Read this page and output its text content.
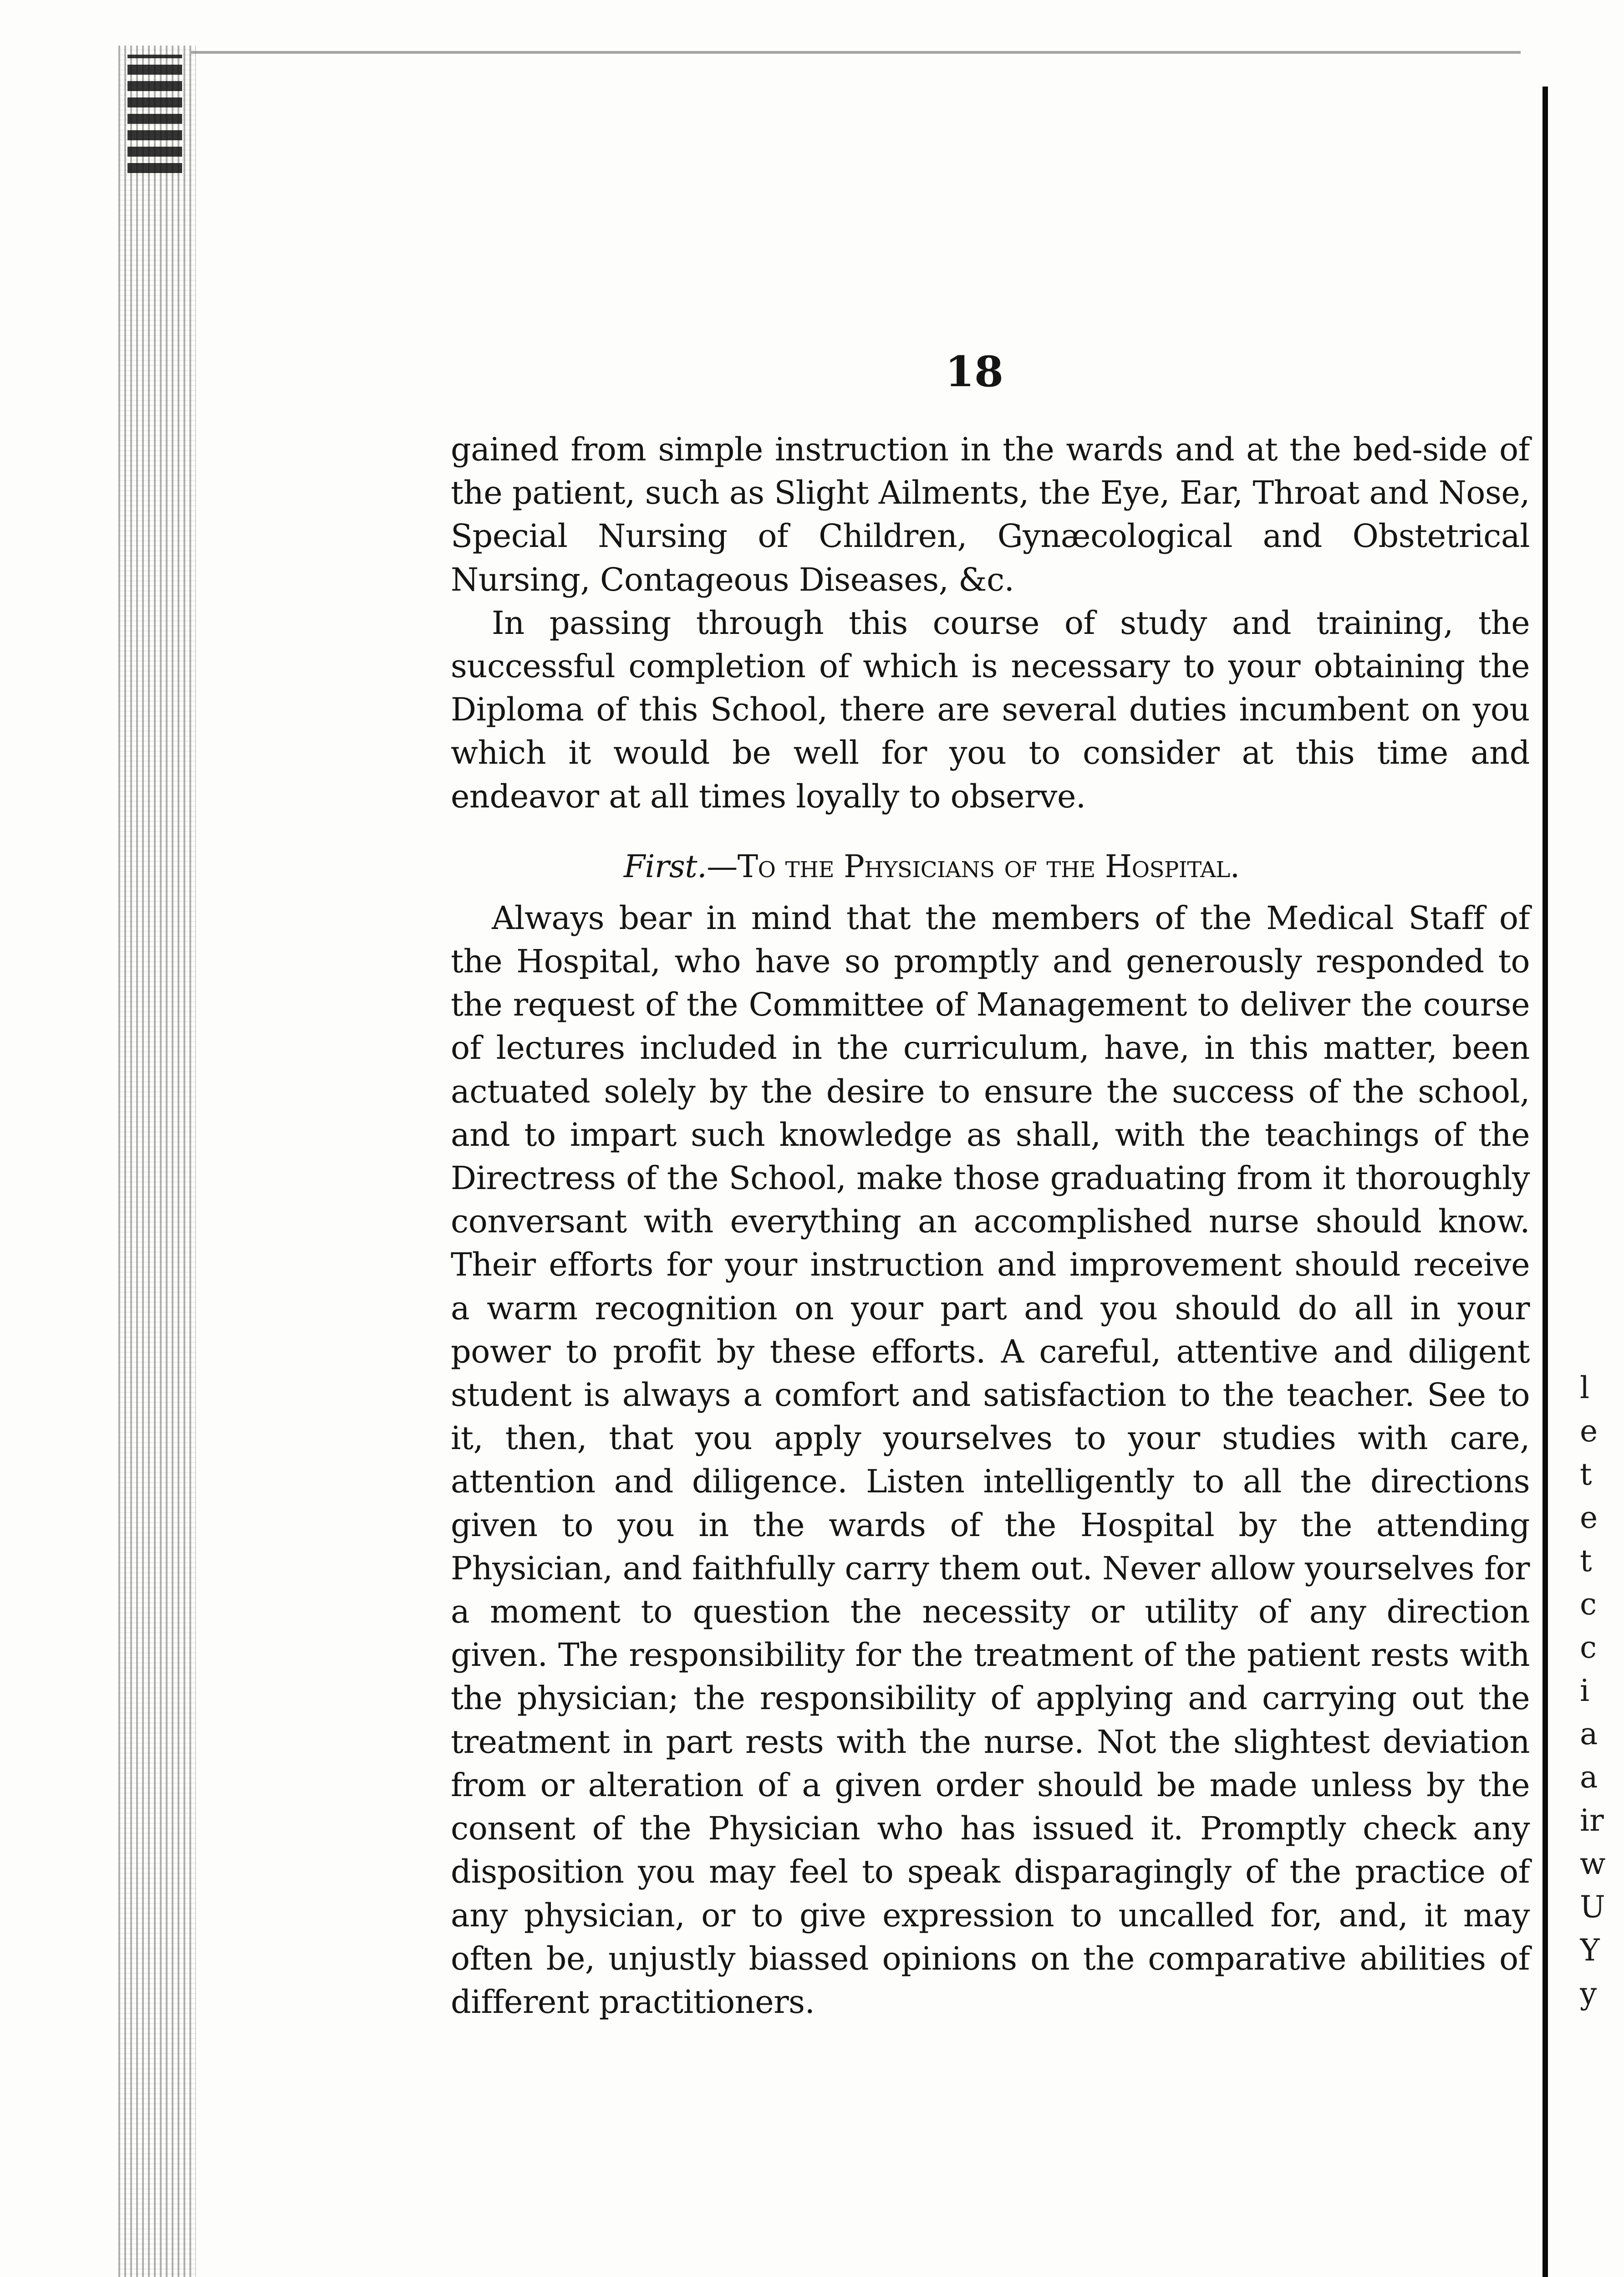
18

gained from simple instruction in the wards and at the bed-side of the patient, such as Slight Ailments, the Eye, Ear, Throat and Nose, Special Nursing of Children, Gynæcological and Obstetrical Nursing, Contageous Diseases, &c.

In passing through this course of study and training, the successful completion of which is necessary to your obtaining the Diploma of this School, there are several duties incumbent on you which it would be well for you to consider at this time and endeavor at all times loyally to observe.

First.—To the Physicians of the Hospital.

Always bear in mind that the members of the Medical Staff of the Hospital, who have so promptly and generously responded to the request of the Committee of Management to deliver the course of lectures included in the curriculum, have, in this matter, been actuated solely by the desire to ensure the success of the school, and to impart such knowledge as shall, with the teachings of the Directress of the School, make those graduating from it thoroughly conversant with everything an accomplished nurse should know. Their efforts for your instruction and improvement should receive a warm recognition on your part and you should do all in your power to profit by these efforts. A careful, attentive and diligent student is always a comfort and satisfaction to the teacher. See to it, then, that you apply yourselves to your studies with care, attention and diligence. Listen intelligently to all the directions given to you in the wards of the Hospital by the attending Physician, and faithfully carry them out. Never allow yourselves for a moment to question the necessity or utility of any direction given. The responsibility for the treatment of the patient rests with the physician; the responsibility of applying and carrying out the treatment in part rests with the nurse. Not the slightest deviation from or alteration of a given order should be made unless by the consent of the Physician who has issued it. Promptly check any disposition you may feel to speak disparagingly of the practice of any physician, or to give expression to uncalled for, and, it may often be, unjustly biassed opinions on the comparative abilities of different practitioners.

l
e
t
e
t
c
c
i
a
a
ir
w
U
Y
y
